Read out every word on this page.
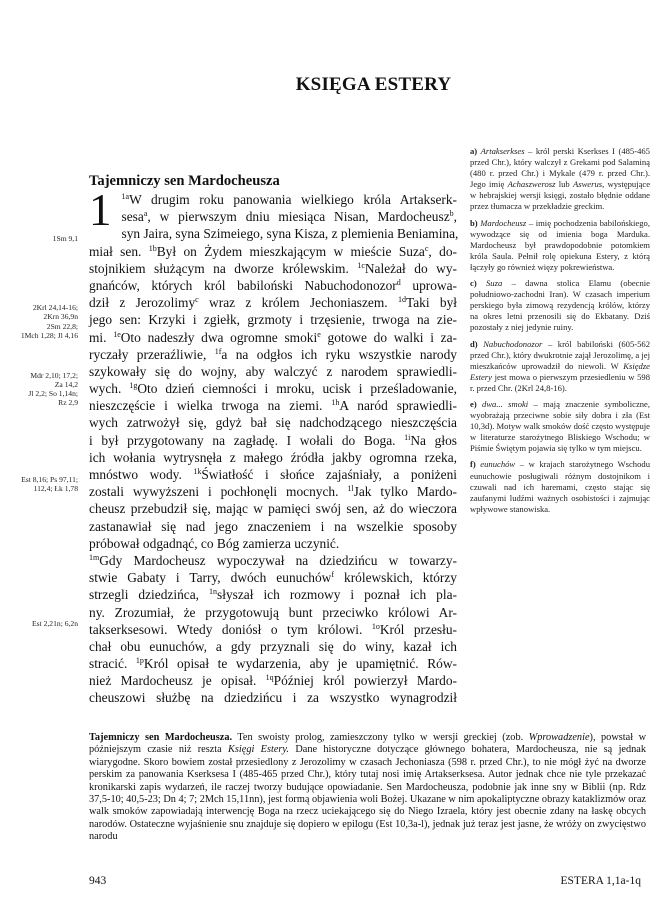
KSIĘGA ESTERY
Tajemniczy sen Mardocheusza
1	$^{1a}$W drugim roku panowania wielkiego króla Artakserk-
sesa$^a$, w pierwszym dniu miesiąca Nisan, Mardocheusz$^b$,
syn Jaira, syna Szimeiego, syna Kisza, z plemienia Beniamina,
miał sen. $^{1b}$Był on Żydem mieszkającym w mieście Suza$^c$, do-
stojnikiem służącym na dworze królewskim. $^{1c}$Należał do wy-
gnańców, których król babiloński Nabuchodonozor$^d$ uprowa-
dził z Jerozolimy$^c$ wraz z królem Jechoniaszem. $^{1d}$Taki był
jego sen: Krzyki i zgiełk, grzmoty i trzęsienie, trwoga na zie-
mi. $^{1e}$Oto nadeszły dwa ogromne smoki$^e$ gotowe do walki i za-
ryczały przeraźliwie, $^{1f}$a na odgłos ich ryku wszystkie narody
szykowały się do wojny, aby walczyć z narodem sprawiedli-
wych. $^{1g}$Oto dzień ciemności i mroku, ucisk i prześladowanie,
nieszczęście i wielka trwoga na ziemi. $^{1h}$A naród sprawiedli-
wych zatrwożył się, gdyż bał się nadchodzącego nieszczęścia
i był przygotowany na zagładę. I wołali do Boga. $^{1i}$Na głos
ich wołania wytrysnęła z małego źródła jakby ogromna rzeka,
mnóstwo wody. $^{1k}$Światłość i słońce zajaśniały, a poniżeni
zostali wywyższeni i pochłonęli mocnych. $^{1l}$Jak tylko Mardo-
cheusz przebudził się, mając w pamięci swój sen, aż do wieczora
zastanawiał się nad jego znaczeniem i na wszelkie sposoby
próbował odgadnąć, co Bóg zamierza uczynić.
$^{1m}$Gdy Mardocheusz wypoczywał na dziedzińcu w towarzy-
stwie Gabaty i Tarry, dwóch eunuchów$^f$ królewskich, którzy
strzegli dziedzińca, $^{1n}$słyszał ich rozmowy i poznał ich pla-
ny. Zrozumiał, że przygotowują bunt przeciwko królowi Ar-
takserksesowi. Wtedy doniósł o tym królowi. $^{1o}$Król przesłu-
chał obu eunuchów, a gdy przyznali się do winy, kazał ich
stracić. $^{1p}$Król opisał te wydarzenia, aby je upamiętnić. Rów-
nież Mardocheusz je opisał. $^{1q}$Później król powierzył Mardo-
cheuszowi służbę na dziedzińcu i za wszystko wynagrodził
1Sm 9,1
2Krl 24,14-16;
2Krn 36,9n
2Sm 22,8;
1Mch 1,28; Jl 4,16
Mdr 2,10; 17,2;
Za 14,2
Jl 2,2; So 1,14n;
Rz 2,9
Est 8,16; Ps 97,11;
112,4; Łk 1,78
Est 2,21n; 6,2n
a) Artakserkses – król perski Kserkses I (485-465 przed Chr.), który walczył z Grekami pod Salaminą (480 r. przed Chr.) i Mykale (479 r. przed Chr.). Jego imię Achaszwerosz lub Aswerus, występujące w hebrajskiej wersji księgi, zostało błędnie oddane przez tłumacza w przekładzie greckim.
b) Mardocheusz – imię pochodzenia babilońskiego, wywodzące się od imienia boga Marduka. Mardocheusz był prawdopodobnie potomkiem króla Saula. Pełnił rolę opiekuna Estery, z którą łączyły go również więzy pokrewieństwa.
c) Suza – dawna stolica Elamu (obecnie południowo-zachodni Iran). W czasach imperium perskiego była zimową rezydencją królów, którzy na okres letni przenosili się do Ekbatany. Dziś pozostały z niej jedynie ruiny.
d) Nabuchodonozor – król babiloński (605-562 przed Chr.), który dwukrotnie zajął Jerozolimę, a jej mieszkańców uprowadził do niewoli. W Księdze Estery jest mowa o pierwszym przesiedleniu w 598 r. przed Chr. (2Krl 24,8-16).
e) dwa... smoki – mają znaczenie symboliczne, wyobrażają przeciwne sobie siły dobra i zła (Est 10,3d). Motyw walk smoków dość często występuje w literaturze starożytnego Bliskiego Wschodu; w Piśmie Świętym pojawia się tylko w tym miejscu.
f) eunuchów – w krajach starożytnego Wschodu eunuchowie posługiwali różnym dostojnikom i czuwali nad ich haremami, często stając się zaufanymi ludźmi ważnych osobistości i zajmując wpływowe stanowiska.
Tajemniczy sen Mardocheusza. Ten swoisty prolog, zamieszczony tylko w wersji greckiej (zob. Wprowadzenie), powstał w późniejszym czasie niż reszta Księgi Estery. Dane historyczne dotyczące głównego bohatera, Mardocheusza, nie są jednak wiarygodne. Skoro bowiem został przesiedlony z Jerozolimy w czasach Jechoniasza (598 r. przed Chr.), to nie mógł żyć na dworze perskim za panowania Kserksesa I (485-465 przed Chr.), który tutaj nosi imię Artakserksesa. Autor jednak chce nie tyle przekazać kronikarski zapis wydarzeń, ile raczej tworzy budujące opowiadanie. Sen Mardocheusza, podobnie jak inne sny w Biblii (np. Rdz 37,5-10; 40,5-23; Dn 4; 7; 2Mch 15,11nn), jest formą objawienia woli Bożej. Ukazane w nim apokaliptyczne obrazy kataklizmów oraz walk smoków zapowiadają interwencję Boga na rzecz uciekającego się do Niego Izraela, który jest obecnie zdany na łaskę obcych narodów. Ostateczne wyjaśnienie snu znajduje się dopiero w epilogu (Est 10,3a-l), jednak już teraz jest jasne, że wróży on zwycięstwo narodu
943	ESTERA 1,1a-1q
